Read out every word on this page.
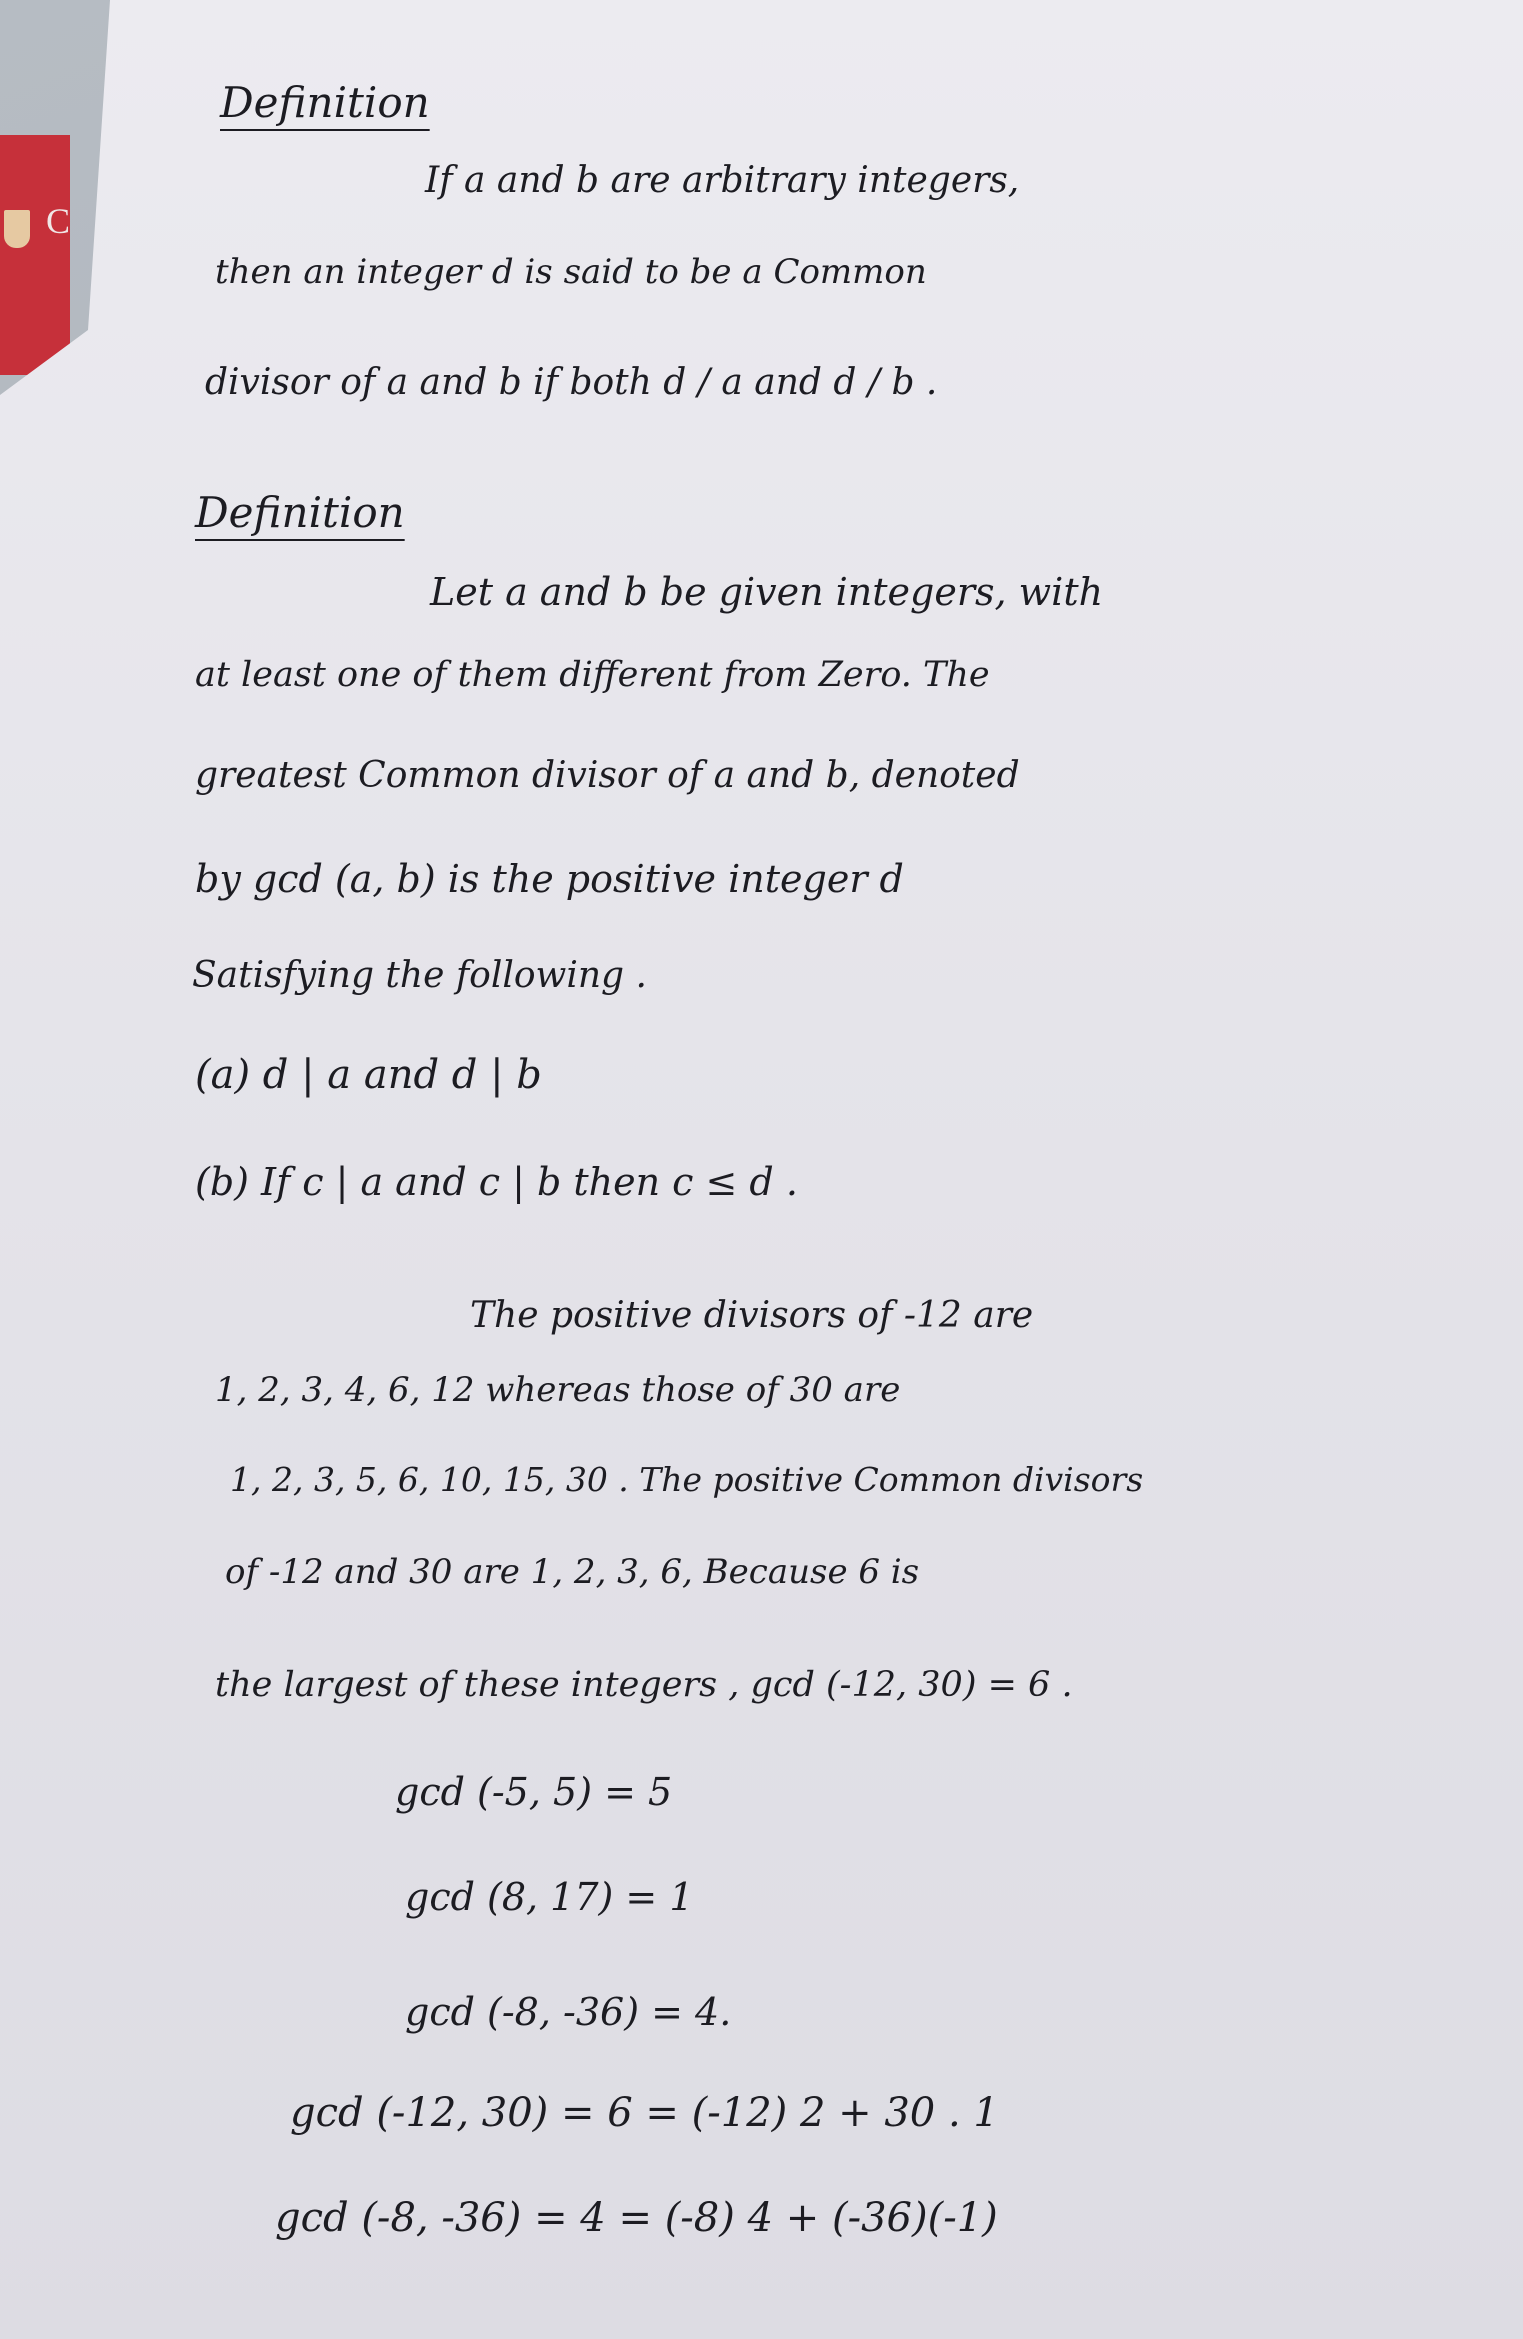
C
Definition
If a and b are arbitrary integers,
then an integer d is said to be a Common
divisor of a and b if both d / a and d / b .
Definition
Let a and b be given integers, with
at least one of them different from Zero. The
greatest Common divisor of a and b, denoted
by gcd (a, b) is the positive integer d
Satisfying the following .
(a) d | a and d | b
(b) If c | a and c | b then c ≤ d .
The positive divisors of -12 are
1, 2, 3, 4, 6, 12 whereas those of 30 are
1, 2, 3, 5, 6, 10, 15, 30 . The positive Common divisors
of -12 and 30 are 1, 2, 3, 6, Because 6 is
the largest of these integers , gcd (-12, 30) = 6 .
gcd (-5, 5) = 5
gcd (8, 17) = 1
gcd (-8, -36) = 4.
gcd (-12, 30) = 6 = (-12) 2 + 30 . 1
gcd (-8, -36) = 4 = (-8) 4 + (-36)(-1)
